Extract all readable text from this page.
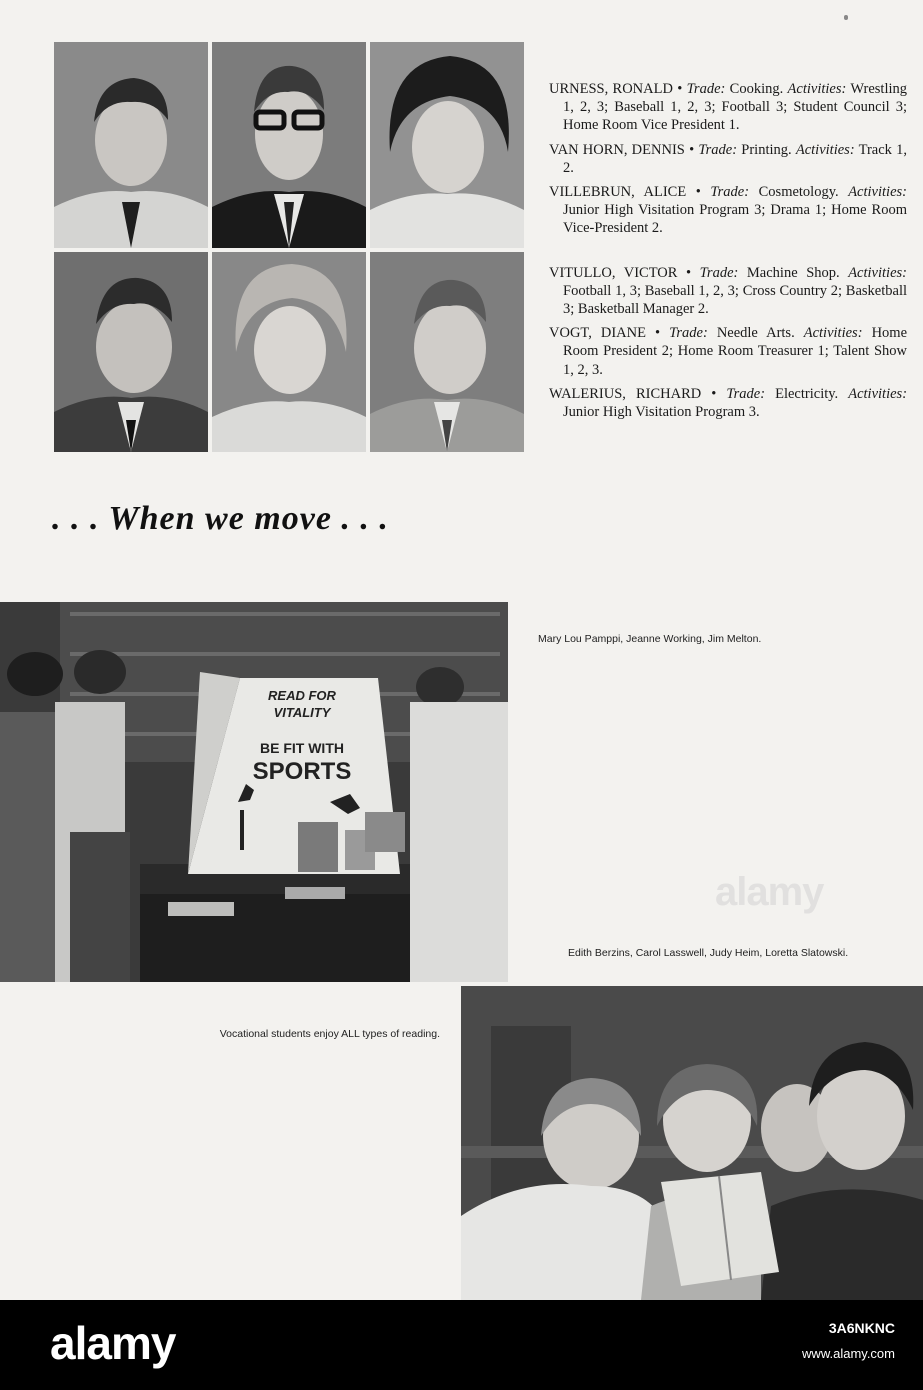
URNESS, RONALD • Trade: Cooking. Activities: Wrestling 1, 2, 3; Baseball 1, 2, 3; Football 3; Student Council 3; Home Room Vice President 1.

VAN HORN, DENNIS • Trade: Printing. Activities: Track 1, 2.

VILLEBRUN, ALICE • Trade: Cosmetology. Activities: Junior High Visitation Program 3; Drama 1; Home Room Vice-President 2.

VITULLO, VICTOR • Trade: Machine Shop. Activities: Football 1, 3; Baseball 1, 2, 3; Cross Country 2; Basketball 3; Basketball Manager 2.

VOGT, DIANE • Trade: Needle Arts. Activities: Home Room President 2; Home Room Treasurer 1; Talent Show 1, 2, 3.

WALERIUS, RICHARD • Trade: Electricity. Activities: Junior High Visitation Program 3.

. . . When we move . . .
READ FOR
VITALITY
BE FIT WITH
SPORTS
Mary Lou Pamppi, Jeanne Working, Jim Melton.
alamy
Edith Berzins, Carol Lasswell, Judy Heim, Loretta Slatowski.
Vocational students enjoy ALL types of reading.
alamy	3A6NKNC
www.alamy.com
